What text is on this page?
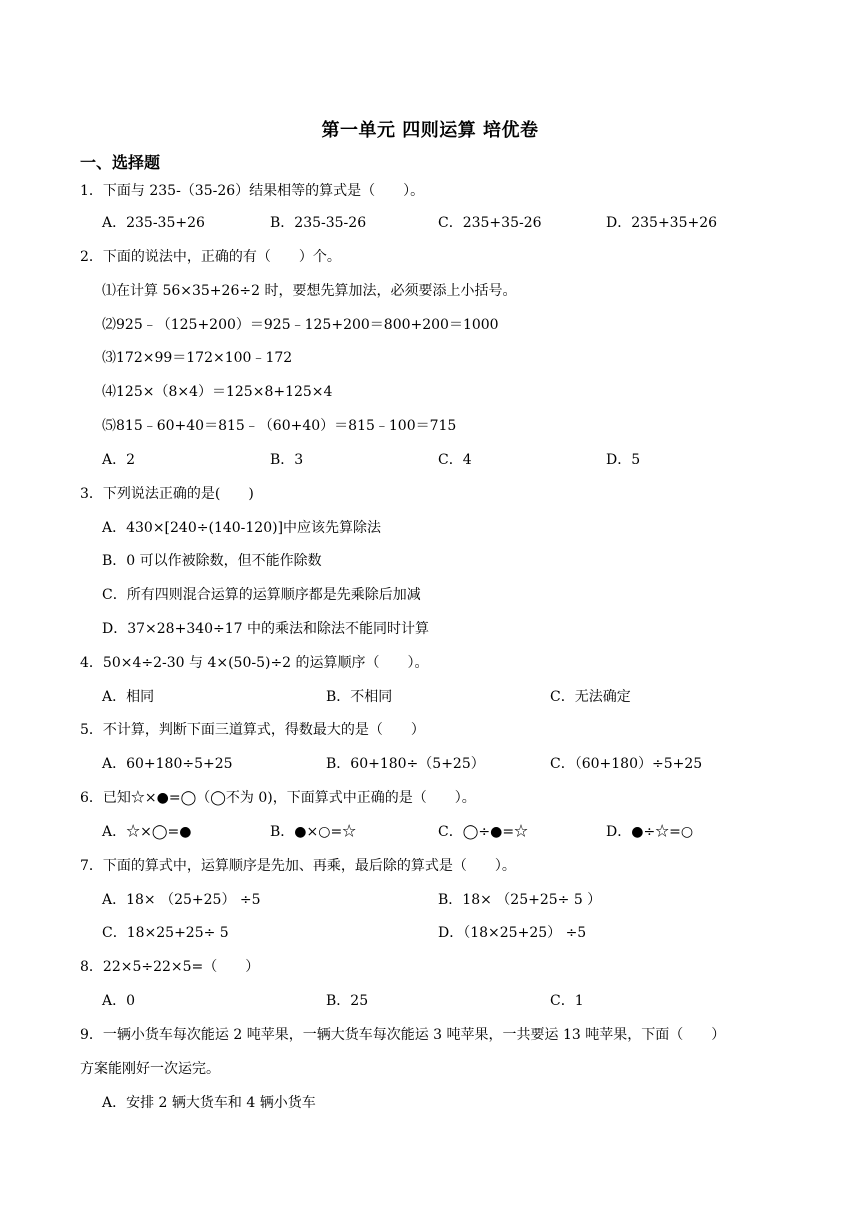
第一单元 四则运算 培优卷
一、选择题
1．下面与 235-（35-26）结果相等的算式是（　　）。
A．235-35+26	B．235-35-26	C．235+35-26	D．235+35+26
2．下面的说法中，正确的有（　　）个。
⑴在计算 56×35+26÷2 时，要想先算加法，必须要添上小括号。
⑵925﹣（125+200）＝925﹣125+200＝800+200＝1000
⑶172×99＝172×100﹣172
⑷125×（8×4）＝125×8+125×4
⑸815﹣60+40＝815﹣（60+40）＝815﹣100＝715
A．2	B．3	C．4	D．5
3．下列说法正确的是(　　)
A．430×[240÷(140-120)]中应该先算除法
B．0 可以作被除数，但不能作除数
C．所有四则混合运算的运算顺序都是先乘除后加减
D．37×28+340÷17 中的乘法和除法不能同时计算
4．50×4÷2-30 与 4×(50-5)÷2 的运算顺序（　　）。
A．相同	B．不相同	C．无法确定
5．不计算，判断下面三道算式，得数最大的是（　　）
A．60+180÷5+25	B．60+180÷（5+25）	C．（60+180）÷5+25
6．已知☆×●=◯（◯不为 0)，下面算式中正确的是（　　）。
A．☆×◯=●	B．●×○=☆	C．◯÷●=☆	D．●÷☆=○
7．下面的算式中，运算顺序是先加、再乘，最后除的算式是（　　）。
A．18× （25+25） ÷5	B．18× （25+25÷ 5 ）
C．18×25+25÷ 5	D．（18×25+25） ÷5
8．22×5÷22×5=（　　）
A．0	B．25	C．1
9．一辆小货车每次能运 2 吨苹果，一辆大货车每次能运 3 吨苹果，一共要运 13 吨苹果，下面（　　）
方案能刚好一次运完。
A．安排 2 辆大货车和 4 辆小货车
